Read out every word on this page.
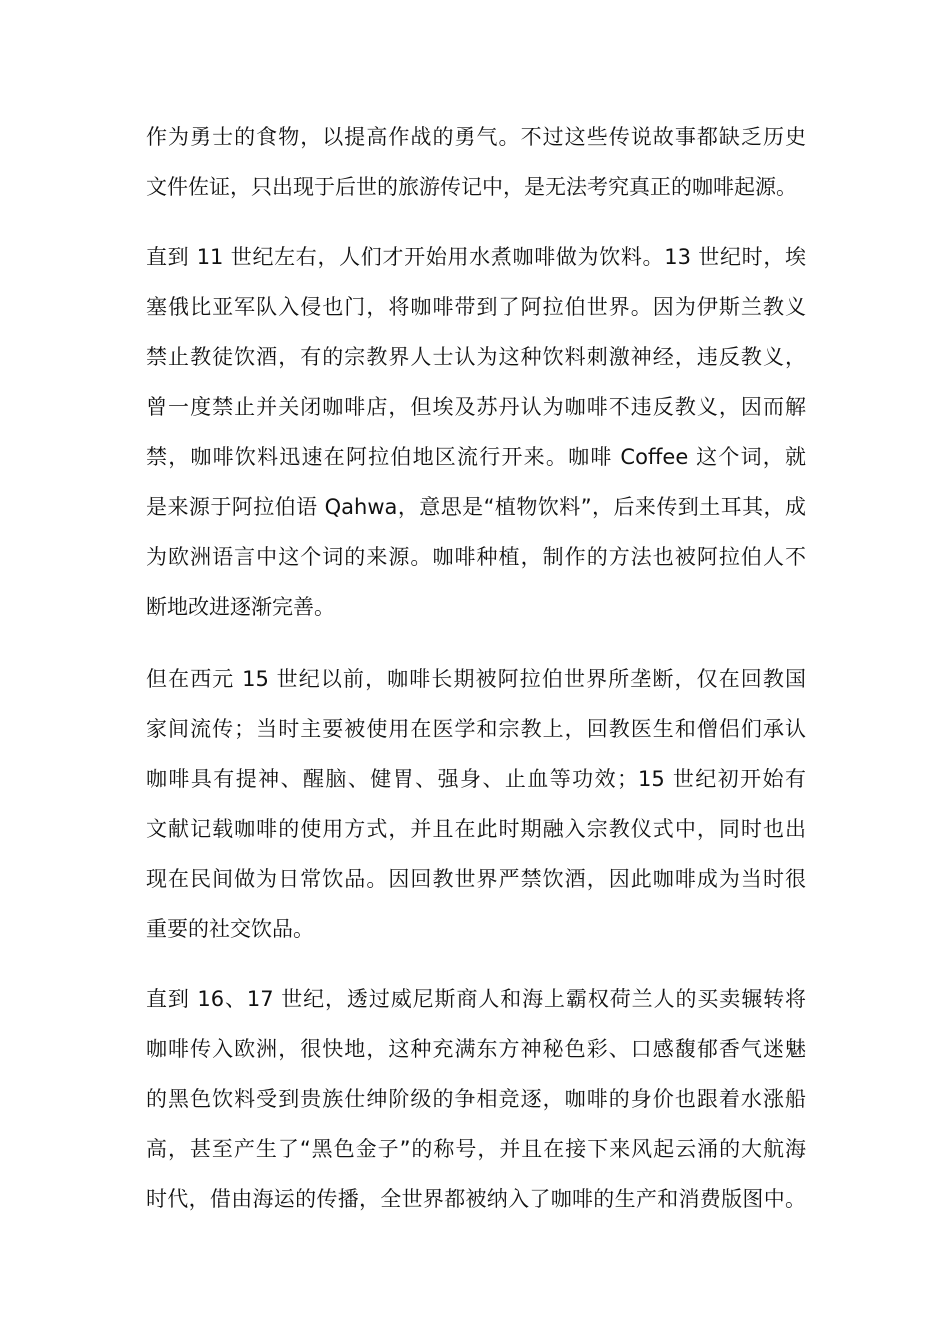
作为勇士的食物，以提高作战的勇气。不过这些传说故事都缺乏历史
文件佐证，只出现于后世的旅游传记中，是无法考究真正的咖啡起源。

直到 11 世纪左右，人们才开始用水煮咖啡做为饮料。13 世纪时，埃
塞俄比亚军队入侵也门，将咖啡带到了阿拉伯世界。因为伊斯兰教义
禁止教徒饮酒，有的宗教界人士认为这种饮料刺激神经，违反教义，
曾一度禁止并关闭咖啡店，但埃及苏丹认为咖啡不违反教义，因而解
禁，咖啡饮料迅速在阿拉伯地区流行开来。咖啡 Coffee 这个词，就
是来源于阿拉伯语 Qahwa，意思是“植物饮料”，后来传到土耳其，成
为欧洲语言中这个词的来源。咖啡种植，制作的方法也被阿拉伯人不
断地改进逐渐完善。

但在西元 15 世纪以前，咖啡长期被阿拉伯世界所垄断，仅在回教国
家间流传；当时主要被使用在医学和宗教上，回教医生和僧侣们承认
咖啡具有提神、醒脑、健胃、强身、止血等功效；15 世纪初开始有
文献记载咖啡的使用方式，并且在此时期融入宗教仪式中，同时也出
现在民间做为日常饮品。因回教世界严禁饮酒，因此咖啡成为当时很
重要的社交饮品。

直到 16、17 世纪，透过威尼斯商人和海上霸权荷兰人的买卖辗转将
咖啡传入欧洲，很快地，这种充满东方神秘色彩、口感馥郁香气迷魅
的黑色饮料受到贵族仕绅阶级的争相竞逐，咖啡的身价也跟着水涨船
高，甚至产生了“黑色金子”的称号，并且在接下来风起云涌的大航海
时代，借由海运的传播，全世界都被纳入了咖啡的生产和消费版图中。
